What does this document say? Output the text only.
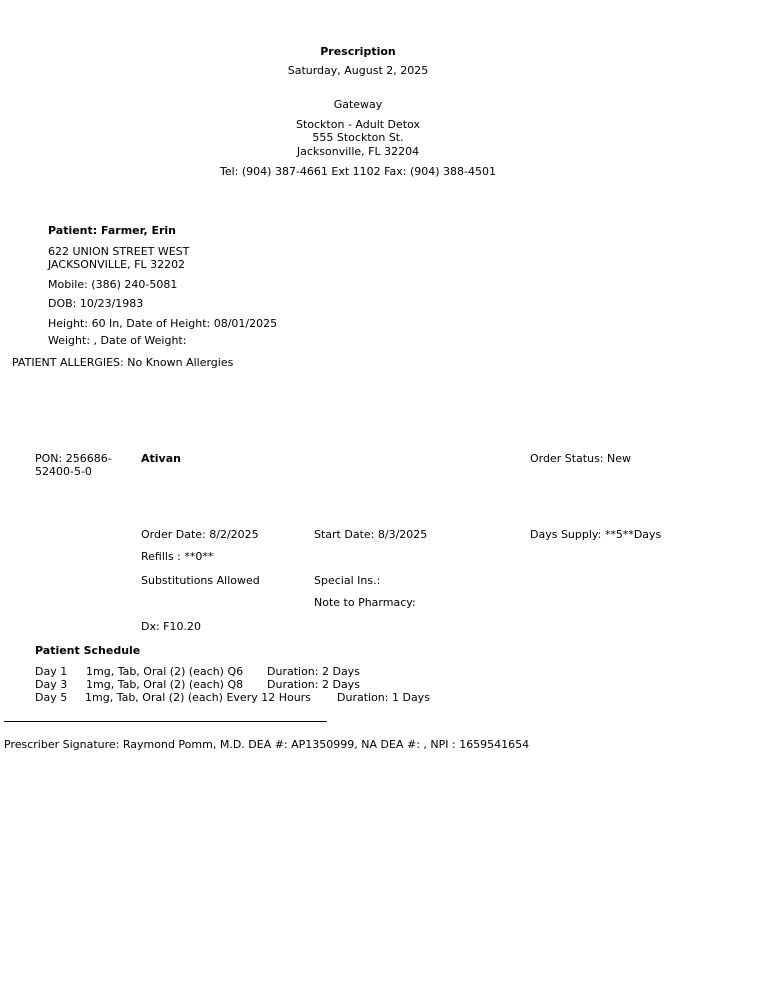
Prescription
Saturday, August 2, 2025
Gateway
Stockton - Adult Detox
555 Stockton St.
Jacksonville, FL 32204
Tel: (904) 387-4661 Ext 1102 Fax: (904) 388-4501
Patient: Farmer, Erin
622 UNION STREET WEST
JACKSONVILLE, FL 32202
Mobile: (386) 240-5081
DOB: 10/23/1983
Height: 60 In, Date of Height: 08/01/2025
Weight: , Date of Weight:
PATIENT ALLERGIES: No Known Allergies
PON: 256686-
52400-5-0
Ativan	Order Status: New
Order Date: 8/2/2025	Start Date: 8/3/2025	Days Supply: **5**Days
Refills : **0**
Substitutions Allowed	Special Ins.:
Note to Pharmacy:
Dx: F10.20
Patient Schedule
Day 1 1mg, Tab, Oral (2) (each) Q6 Duration: 2 Days
Day 3 1mg, Tab, Oral (2) (each) Q8 Duration: 2 Days
Day 5 1mg, Tab, Oral (2) (each) Every 12 Hours Duration: 1 Days
Prescriber Signature: Raymond Pomm, M.D. DEA #: AP1350999, NA DEA #: , NPI : 1659541654
